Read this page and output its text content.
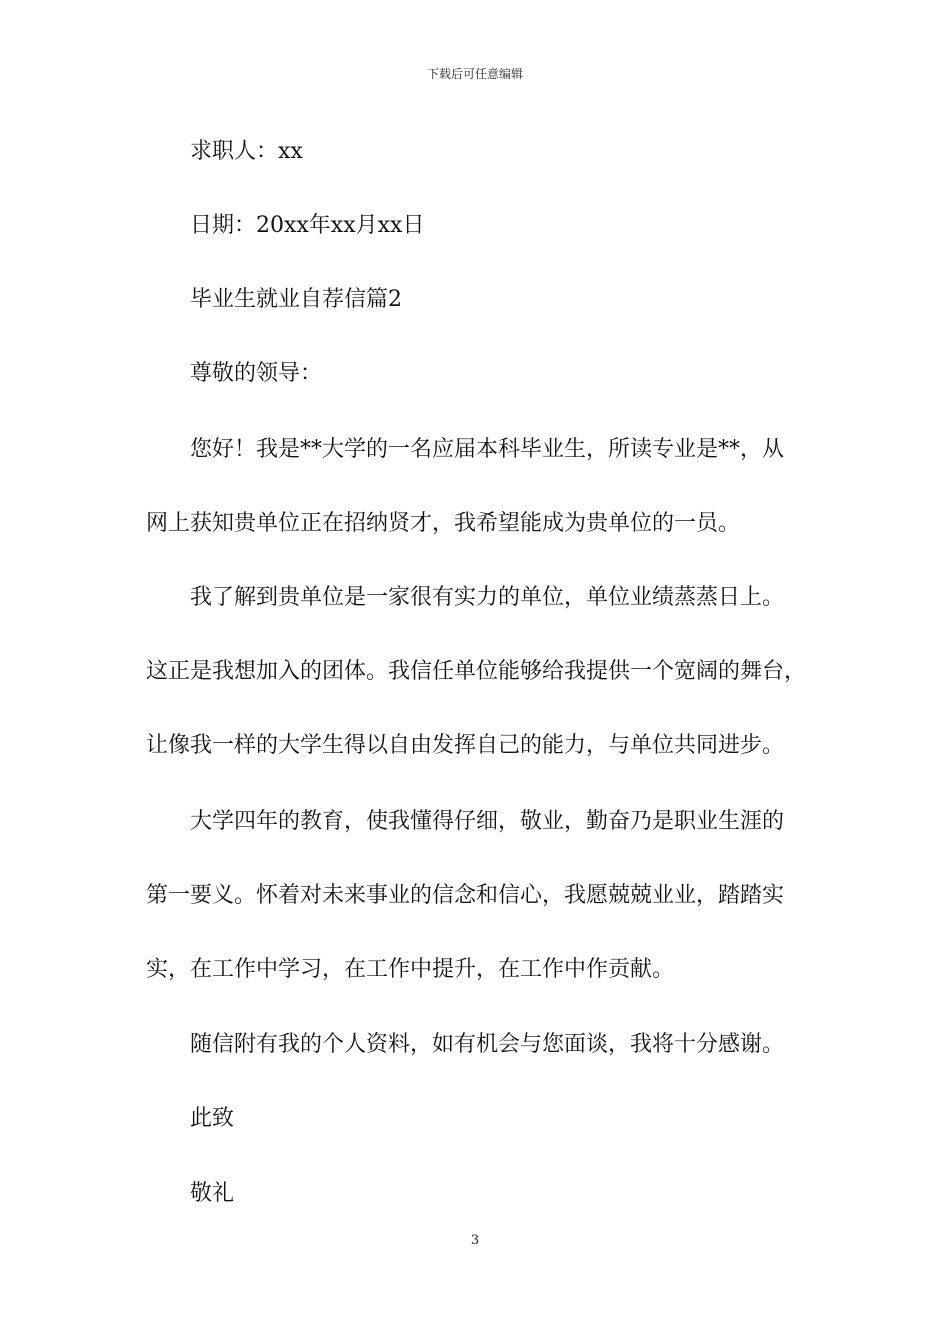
下载后可任意编辑
求职人：xx
日期：20xx年xx月xx日
毕业生就业自荐信篇2
尊敬的领导：
您好！我是**大学的一名应届本科毕业生，所读专业是**，从
网上获知贵单位正在招纳贤才，我希望能成为贵单位的一员。
我了解到贵单位是一家很有实力的单位，单位业绩蒸蒸日上。
这正是我想加入的团体。我信任单位能够给我提供一个宽阔的舞台，
让像我一样的大学生得以自由发挥自己的能力，与单位共同进步。
大学四年的教育，使我懂得仔细，敬业，勤奋乃是职业生涯的
第一要义。怀着对未来事业的信念和信心，我愿兢兢业业，踏踏实
实，在工作中学习，在工作中提升，在工作中作贡献。
随信附有我的个人资料，如有机会与您面谈，我将十分感谢。
此致
敬礼
3
